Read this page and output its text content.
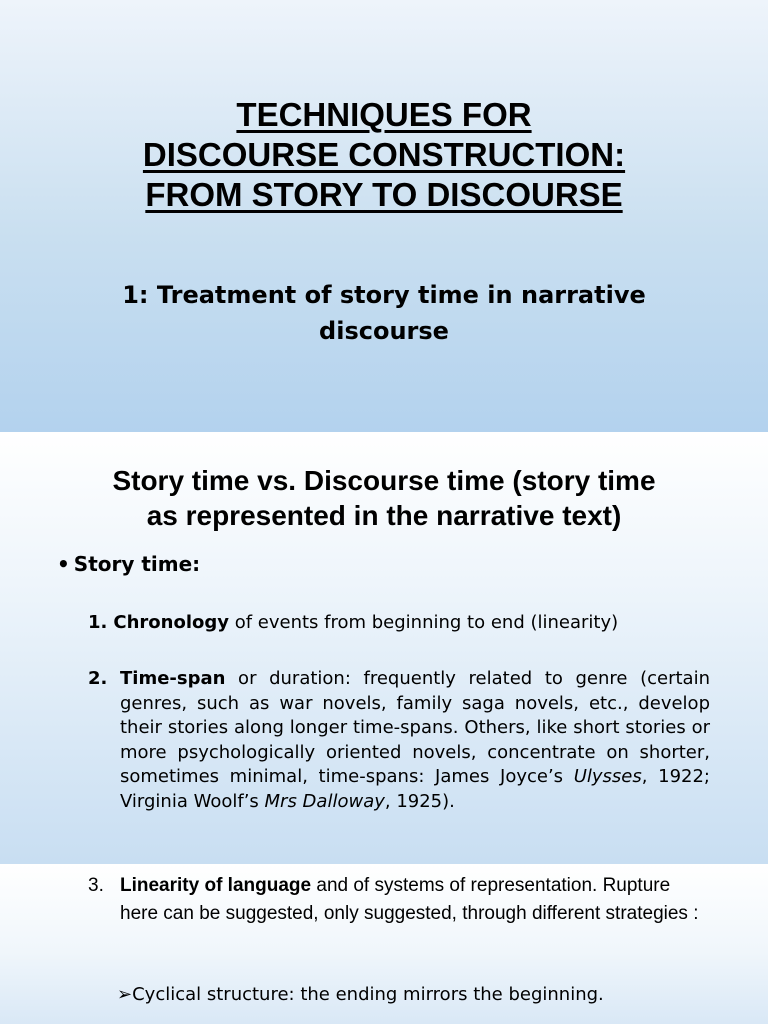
TECHNIQUES FOR
DISCOURSE CONSTRUCTION:
FROM STORY TO DISCOURSE
1: Treatment of story time in narrative
discourse
Story time vs. Discourse time (story time
as represented in the narrative text)
• Story time:
1. Chronology of events from beginning to end (linearity)
2. Time-span or duration: frequently related to genre (certain genres, such as war novels, family saga novels, etc., develop their stories along longer time-spans. Others, like short stories or more psychologically oriented novels, concentrate on shorter, sometimes minimal, time-spans: James Joyce’s Ulysses, 1922; Virginia Woolf’s Mrs Dalloway, 1925).
3. Linearity of language and of systems of representation. Rupture here can be suggested, only suggested, through different strategies :
➢Cyclical structure: the ending mirrors the beginning.
